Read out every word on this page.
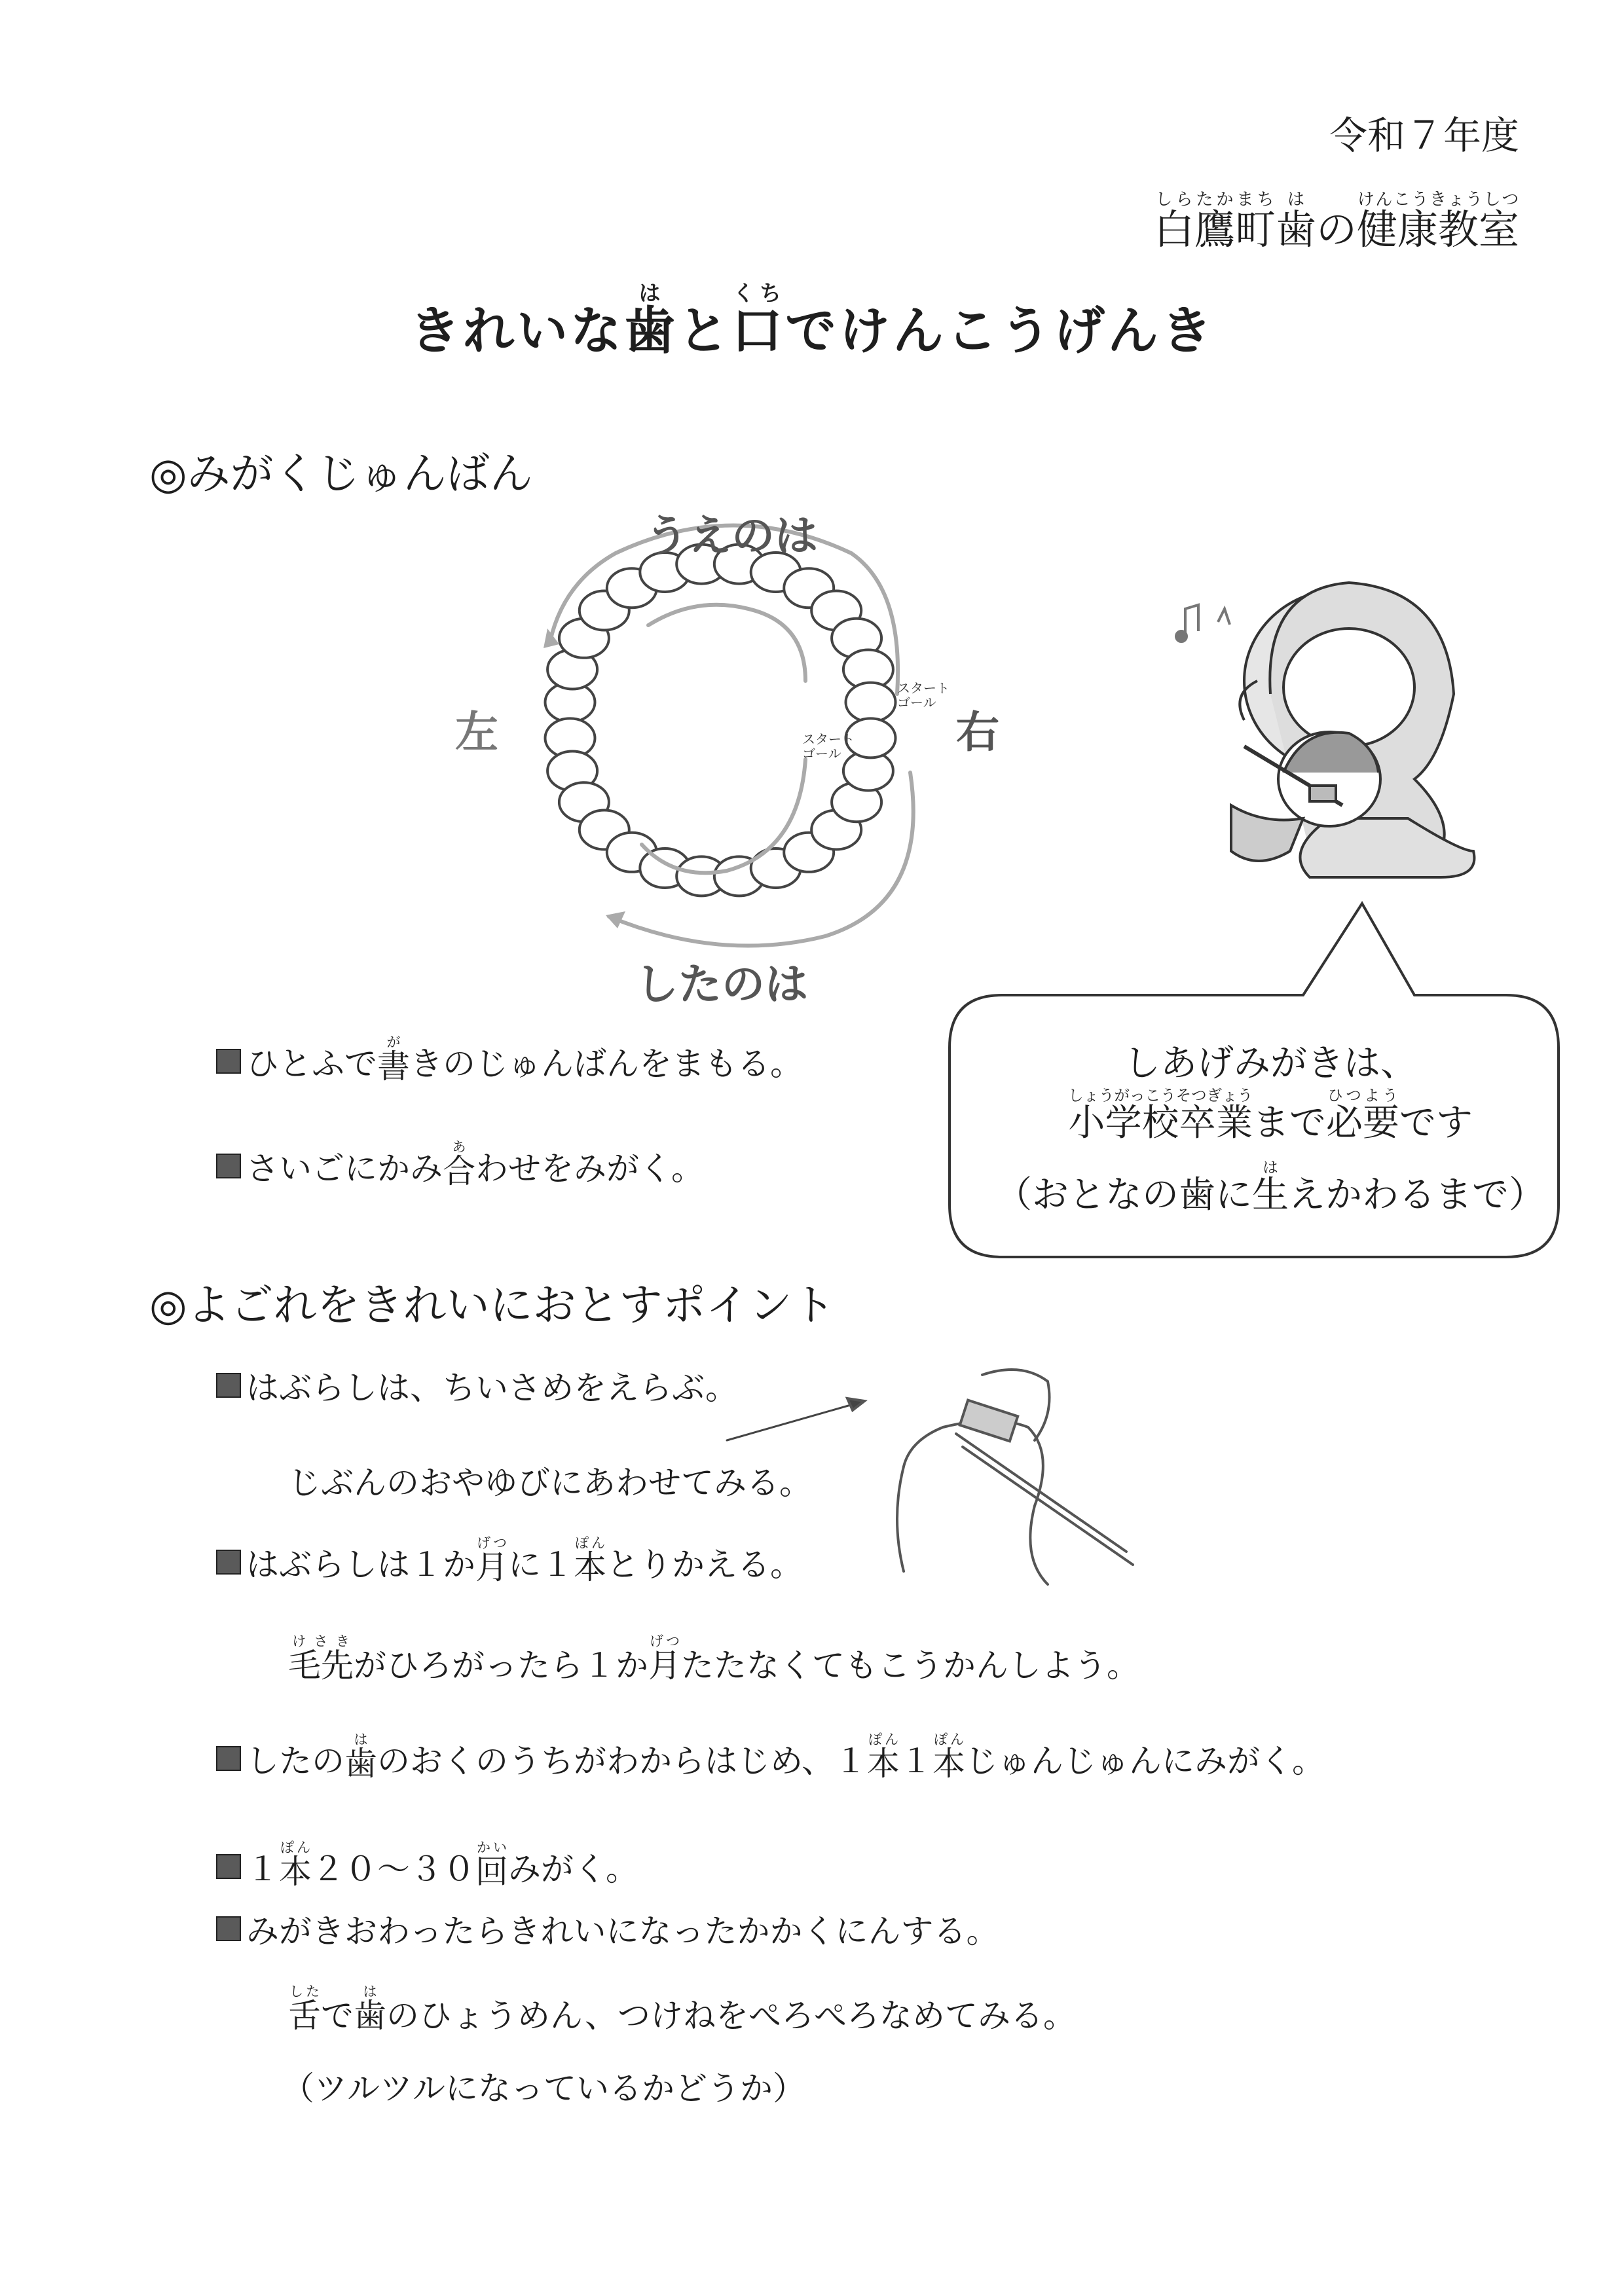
令和７年度
白鷹町しらたかまち歯はの健康教室けんこうきょうしつ
きれいな歯はと口くちでけんこうげんき
◎みがくじゅんばん
うえのは
したのは
左	右
スタート
ゴール
スタート
ゴール
ひとふで 書が
きのじゅんばんをまもる。
さいごにかみ 合あ
わせをみがく。
しあげみがきは、
小学校卒業しょうがっこうそつぎょうまで必要ひつようです
（おとなの歯に生はえかわるまで）
◎よごれをきれいにおとすポイント
はぶらしは、ちいさめをえらぶ。
じぶんのおやゆびにあわせてみる。
はぶらしは１か 月げつ
に１ 本ぽん
とりかえる。
毛先けさきがひろがったら１か月げつたたなくてもこうかんしよう。
したの 歯は
のおくのうちがわからはじめ、１ 本ぽん
１ 本ぽん
じゅんじゅんにみがく。
１ 本ぽん
２０～３０ 回かい
みがく。
みがきおわったらきれいになったかかくにんする。
舌したで歯はのひょうめん、つけねをぺろぺろなめてみる。
（ツルツルになっているかどうか）
